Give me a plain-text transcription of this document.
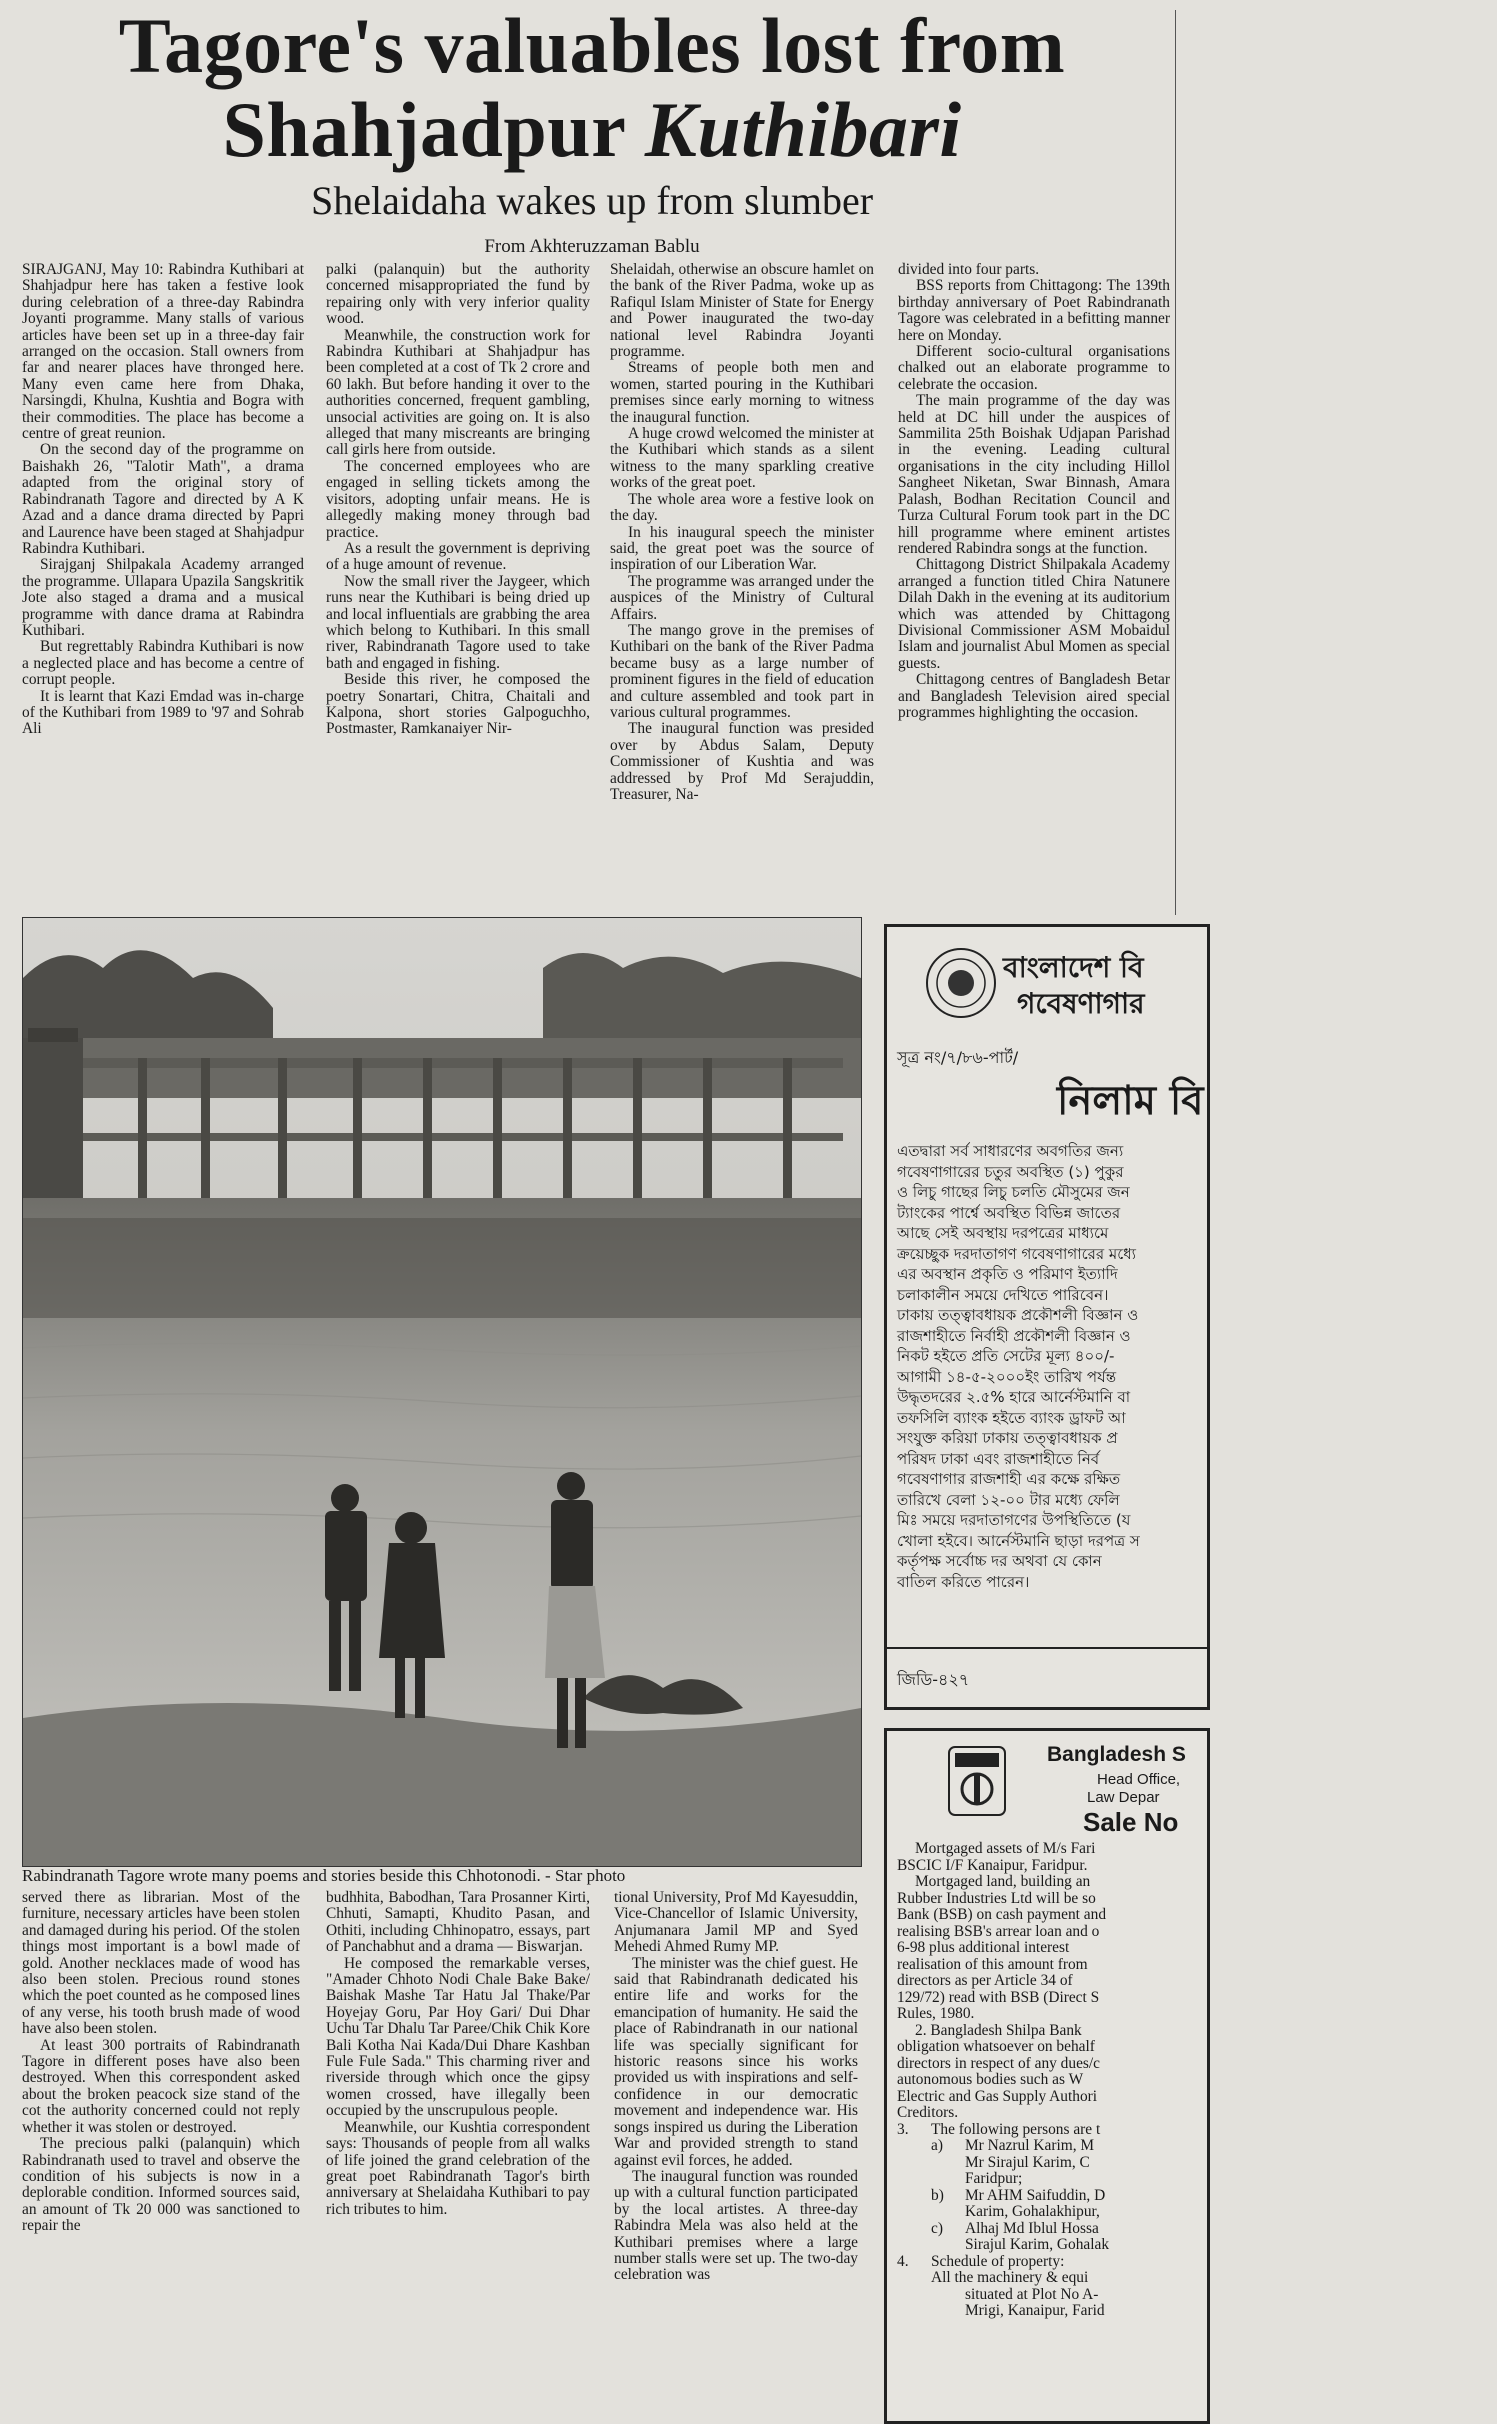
Tagore's valuables lost from
Shahjadpur Kuthibari
Shelaidaha wakes up from slumber
From Akhteruzzaman Bablu

SIRAJGANJ, May 10: Rabindra Kuthibari at Shahjadpur here has taken a festive look during celebration of a three-day Rabindra Joyanti programme. Many stalls of various articles have been set up in a three-day fair arranged on the occasion. Stall owners from far and nearer places have thronged here. Many even came here from Dhaka, Narsingdi, Khulna, Kushtia and Bogra with their commodities. The place has become a centre of great reunion.

On the second day of the programme on Baishakh 26, "Talotir Math", a drama adapted from the original story of Rabindranath Tagore and directed by A K Azad and a dance drama directed by Papri and Laurence have been staged at Shahjadpur Rabindra Kuthibari.

Sirajganj Shilpakala Academy arranged the programme. Ullapara Upazila Sangskritik Jote also staged a drama and a musical programme with dance drama at Rabindra Kuthibari.

But regrettably Rabindra Kuthibari is now a neglected place and has become a centre of corrupt people.

It is learnt that Kazi Emdad was in-charge of the Kuthibari from 1989 to '97 and Sohrab Ali

palki (palanquin) but the authority concerned misappropriated the fund by repairing only with very inferior quality wood.

Meanwhile, the construction work for Rabindra Kuthibari at Shahjadpur has been completed at a cost of Tk 2 crore and 60 lakh. But before handing it over to the authorities concerned, frequent gambling, unsocial activities are going on. It is also alleged that many miscreants are bringing call girls here from outside.

The concerned employees who are engaged in selling tickets among the visitors, adopting unfair means. He is allegedly making money through bad practice.

As a result the government is depriving of a huge amount of revenue.

Now the small river the Jaygeer, which runs near the Kuthibari is being dried up and local influentials are grabbing the area which belong to Kuthibari. In this small river, Rabindranath Tagore used to take bath and engaged in fishing.

Beside this river, he composed the poetry Sonartari, Chitra, Chaitali and Kalpona, short stories Galpoguchho, Postmaster, Ramkanaiyer Nir-

Shelaidah, otherwise an obscure hamlet on the bank of the River Padma, woke up as Rafiqul Islam Minister of State for Energy and Power inaugurated the two-day national level Rabindra Joyanti programme.

Streams of people both men and women, started pouring in the Kuthibari premises since early morning to witness the inaugural function.

A huge crowd welcomed the minister at the Kuthibari which stands as a silent witness to the many sparkling creative works of the great poet.

The whole area wore a festive look on the day.

In his inaugural speech the minister said, the great poet was the source of inspiration of our Liberation War.

The programme was arranged under the auspices of the Ministry of Cultural Affairs.

The mango grove in the premises of Kuthibari on the bank of the River Padma became busy as a large number of prominent figures in the field of education and culture assembled and took part in various cultural programmes.

The inaugural function was presided over by Abdus Salam, Deputy Commissioner of Kushtia and was addressed by Prof Md Serajuddin, Treasurer, Na-

divided into four parts.

BSS reports from Chittagong: The 139th birthday anniversary of Poet Rabindranath Tagore was celebrated in a befitting manner here on Monday.

Different socio-cultural organisations chalked out an elaborate programme to celebrate the occasion.

The main programme of the day was held at DC hill under the auspices of Sammilita 25th Boishak Udjapan Parishad in the evening. Leading cultural organisations in the city including Hillol Sangheet Niketan, Swar Binnash, Amara Palash, Bodhan Recitation Council and Turza Cultural Forum took part in the DC hill programme where eminent artistes rendered Rabindra songs at the function.

Chittagong District Shilpakala Academy arranged a function titled Chira Natunere Dilah Dakh in the evening at its auditorium which was attended by Chittagong Divisional Commissioner ASM Mobaidul Islam and journalist Abul Momen as special guests.

Chittagong centres of Bangladesh Betar and Bangladesh Television aired special programmes highlighting the occasion.

Rabindranath Tagore wrote many poems and stories beside this Chhotonodi. - Star photo

served there as librarian. Most of the furniture, necessary articles have been stolen and damaged during his period. Of the stolen things most important is a bowl made of gold. Another necklaces made of wood has also been stolen. Precious round stones which the poet counted as he composed lines of any verse, his tooth brush made of wood have also been stolen.

At least 300 portraits of Rabindranath Tagore in different poses have also been destroyed. When this correspondent asked about the broken peacock size stand of the cot the authority concerned could not reply whether it was stolen or destroyed.

The precious palki (palanquin) which Rabindranath used to travel and observe the condition of his subjects is now in a deplorable condition. Informed sources said, an amount of Tk 20 000 was sanctioned to repair the

budhhita, Babodhan, Tara Prosanner Kirti, Chhuti, Samapti, Khudito Pasan, and Othiti, including Chhinopatro, essays, part of Panchabhut and a drama — Biswarjan.

He composed the remarkable verses, "Amader Chhoto Nodi Chale Bake Bake/ Baishak Mashe Tar Hatu Jal Thake/Par Hoyejay Goru, Par Hoy Gari/ Dui Dhar Uchu Tar Dhalu Tar Paree/Chik Chik Kore Bali Kotha Nai Kada/Dui Dhare Kashban Fule Fule Sada." This charming river and riverside through which once the gipsy women crossed, have illegally been occupied by the unscrupulous people.

Meanwhile, our Kushtia correspondent says: Thousands of people from all walks of life joined the grand celebration of the great poet Rabindranath Tagor's birth anniversary at Shelaidaha Kuthibari to pay rich tributes to him.

tional University, Prof Md Kayesuddin, Vice-Chancellor of Islamic University, Anjumanara Jamil MP and Syed Mehedi Ahmed Rumy MP.

The minister was the chief guest. He said that Rabindranath dedicated his entire life and works for the emancipation of humanity. He said the place of Rabindranath in our national life was specially significant for historic reasons since his works provided us with inspirations and self-confidence in our democratic movement and independence war. His songs inspired us during the Liberation War and provided strength to stand against evil forces, he added.

The inaugural function was rounded up with a cultural function participated by the local artistes. A three-day Rabindra Mela was also held at the Kuthibari premises where a large number stalls were set up. The two-day celebration was

বাংলাদেশ বি
গবেষণাগার
সূত্র নং/৭/৮৬-পার্ট/
নিলাম বি
এতদ্বারা সর্ব সাধারণের অবগতির জন্য
গবেষণাগারের চতুর অবস্থিত (১) পুকুর
ও লিচু গাছের লিচু চলতি মৌসুমের জন
ট্যাংকের পার্শ্বে অবস্থিত বিভিন্ন জাতের
আছে সেই অবস্থায় দরপত্রের মাধ্যমে
ক্রয়েচ্ছুক দরদাতাগণ গবেষণাগারের মধ্যে
এর অবস্থান প্রকৃতি ও পরিমাণ ইত্যাদি
চলাকালীন সময়ে দেখিতে পারিবেন।
ঢাকায় তত্ত্বাবধায়ক প্রকৌশলী বিজ্ঞান ও
রাজশাহীতে নির্বাহী প্রকৌশলী বিজ্ঞান ও
নিকট হইতে প্রতি সেটের মূল্য ৪০০/-
আগামী ১৪-৫-২০০০ইং তারিখ পর্যন্ত
উদ্ধৃতদরের ২.৫% হারে আর্নেস্টমানি বা
তফসিলি ব্যাংক হইতে ব্যাংক ড্রাফট আ
সংযুক্ত করিয়া ঢাকায় তত্ত্বাবধায়ক প্র
পরিষদ ঢাকা এবং রাজশাহীতে নির্ব
গবেষণাগার রাজশাহী এর কক্ষে রক্ষিত
তারিখে বেলা ১২-০০ টার মধ্যে ফেলি
মিঃ সময়ে দরদাতাগণের উপস্থিতিতে (য
খোলা হইবে। আর্নেস্টমানি ছাড়া দরপত্র স
কর্তৃপক্ষ সর্বোচ্চ দর অথবা যে কোন
বাতিল করিতে পারেন।
জিডি-৪২৭
Bangladesh S
Head Office,
Law Depar
Sale No
Mortgaged assets of M/s Fari
BSCIC I/F Kanaipur, Faridpur.
Mortgaged land, building an
Rubber Industries Ltd will be so
Bank (BSB) on cash payment and
realising BSB's arrear loan and o
6-98 plus additional interest
realisation of this amount from
directors as per Article 34 of
129/72) read with BSB (Direct S
Rules, 1980.
2. Bangladesh Shilpa Bank
obligation whatsoever on behalf
directors in respect of any dues/c
autonomous bodies such as W
Electric and Gas Supply Authori
Creditors.
3. The following persons are t
a) Mr Nazrul Karim, M
Mr Sirajul Karim, C
Faridpur;
b) Mr AHM Saifuddin, D
Karim, Gohalakhipur,
c) Alhaj Md Iblul Hossa
Sirajul Karim, Gohalak
4. Schedule of property:
All the machinery & equi
situated at Plot No A-
Mrigi, Kanaipur, Farid
